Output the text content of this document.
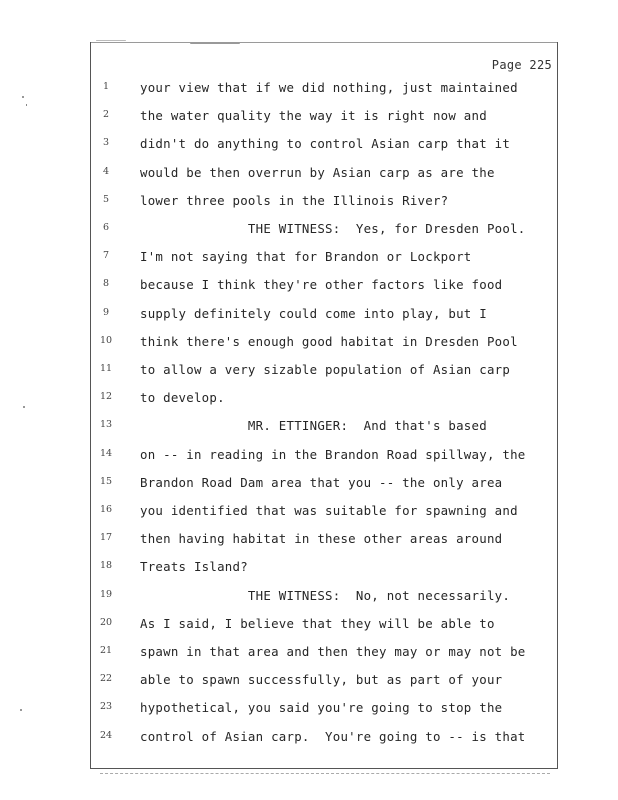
Page 225
1	your view that if we did nothing, just maintained
2	the water quality the way it is right now and
3	didn't do anything to control Asian carp that it
4	would be then overrun by Asian carp as are the
5	lower three pools in the Illinois River?
6	THE WITNESS:  Yes, for Dresden Pool.
7	I'm not saying that for Brandon or Lockport
8	because I think they're other factors like food
9	supply definitely could come into play, but I
10	think there's enough good habitat in Dresden Pool
11	to allow a very sizable population of Asian carp
12	to develop.
13	MR. ETTINGER:  And that's based
14	on -- in reading in the Brandon Road spillway, the
15	Brandon Road Dam area that you -- the only area
16	you identified that was suitable for spawning and
17	then having habitat in these other areas around
18	Treats Island?
19	THE WITNESS:  No, not necessarily.
20	As I said, I believe that they will be able to
21	spawn in that area and then they may or may not be
22	able to spawn successfully, but as part of your
23	hypothetical, you said you're going to stop the
24	control of Asian carp.  You're going to -- is that
